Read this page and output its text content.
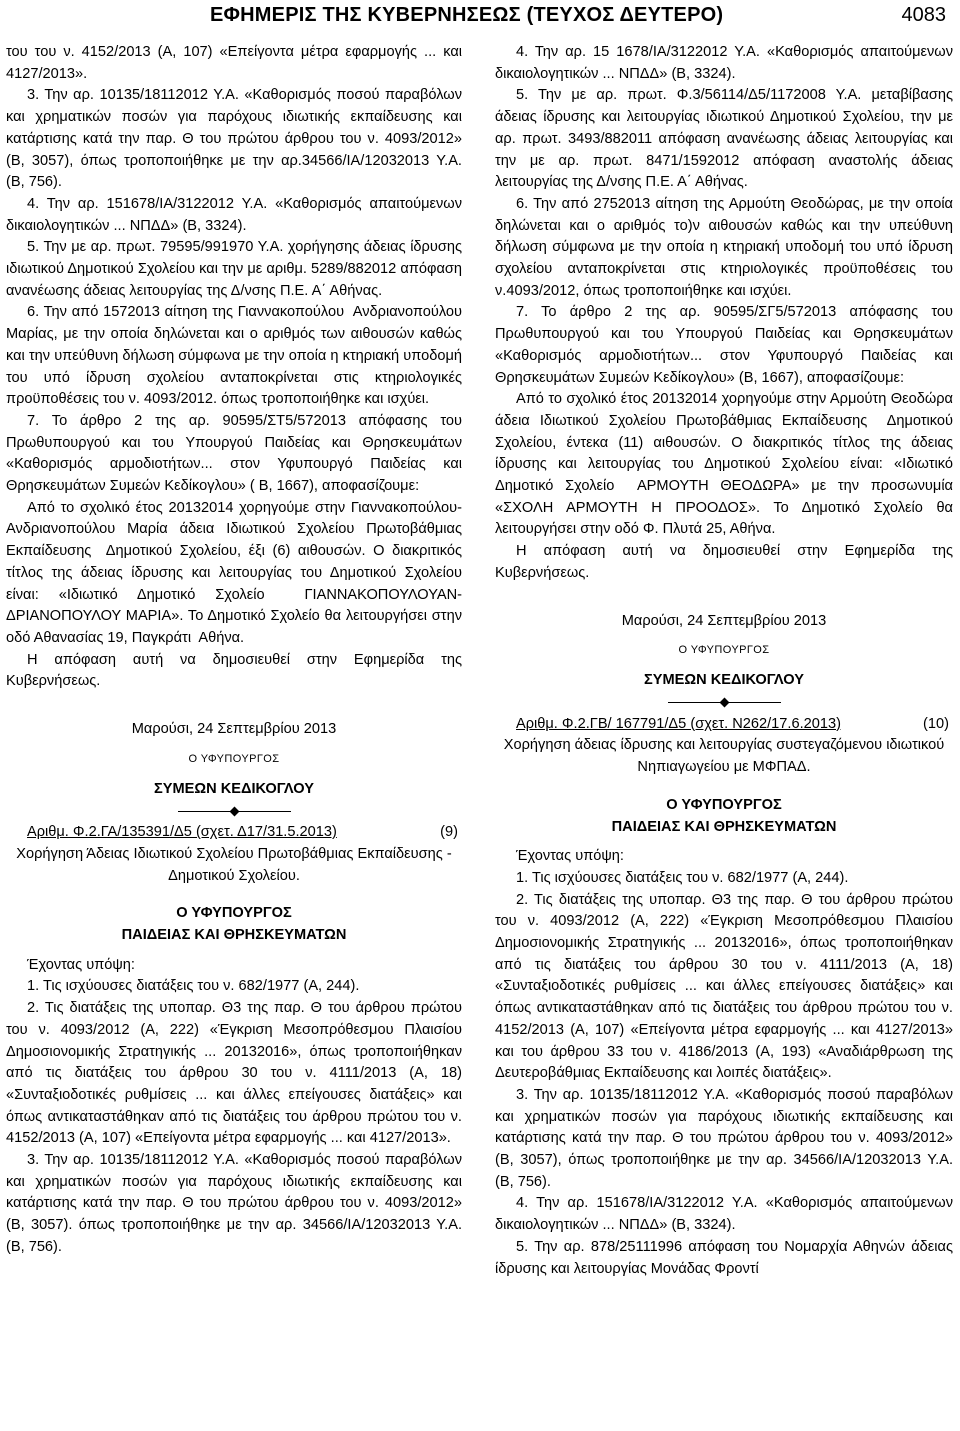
ΕΦΗΜΕΡΙΣ ΤΗΣ ΚΥΒΕΡΝΗΣΕΩΣ (ΤΕΥΧΟΣ ΔΕΥΤΕΡΟ)	4083

του του ν. 4152/2013 (Α, 107) «Επείγοντα μέτρα εφαρμογής ... και 4127/2013».

3. Την αρ. 10135/18112012 Υ.Α. «Καθορισμός ποσού παραβόλων και χρηματικών ποσών για παρόχους ιδιωτικής εκπαίδευσης και κατάρτισης κατά την παρ. Θ του πρώτου άρθρου του ν. 4093/2012» (Β, 3057), όπως τροποποιήθηκε με την αρ.34566/ΙΑ/12032013 Υ.Α. (Β, 756).

4. Την αρ. 151678/ΙΑ/3122012 Υ.Α. «Καθορισμός απαιτούμενων δικαιολογητικών ... ΝΠΔΔ» (Β, 3324).

5. Την με αρ. πρωτ. 79595/991970 Υ.Α. χορήγησης άδειας ίδρυσης ιδιωτικού Δημοτικού Σχολείου και την με αριθμ. 5289/882012 απόφαση ανανέωσης άδειας λειτουργίας της Δ/νσης Π.Ε. Α΄ Αθήνας.

6. Την από 1572013 αίτηση της Γιαννακοπούλου Ανδριανοπούλου Μαρίας, με την οποία δηλώνεται και ο αριθμός των αιθουσών καθώς και την υπεύθυνη δήλωση σύμφωνα με την οποία η κτηριακή υποδομή του υπό ίδρυση σχολείου ανταποκρίνεται στις κτηριολογικές προϋποθέσεις του ν. 4093/2012. όπως τροποποιήθηκε και ισχύει.

7. Το άρθρο 2 της αρ. 90595/ΣΤ5/572013 απόφασης του Πρωθυπουργού και του Υπουργού Παιδείας και Θρησκευμάτων «Καθορισμός αρμοδιοτήτων... στον Υφυπουργό Παιδείας και Θρησκευμάτων Συμεών Κεδίκογλου» ( Β, 1667), αποφασίζουμε:

Από το σχολικό έτος 20132014 χορηγούμε στην ΓιαννακοπούλουΑνδριανοπούλου Μαρία άδεια Ιδιωτικού Σχολείου Πρωτοβάθμιας Εκπαίδευσης Δημοτικού Σχολείου, έξι (6) αιθουσών. Ο διακριτικός τίτλος της άδειας ίδρυσης και λειτουργίας του Δημοτικού Σχολείου είναι: «Ιδιωτικό Δημοτικό Σχολείο ΓΙΑΝΝΑΚΟΠΟΥΛΟΥΑΝΔΡΙΑΝΟΠΟΥΛΟΥ ΜΑΡΙΑ». Το Δημοτικό Σχολείο θα λειτουργήσει στην οδό Αθανασίας 19, Παγκράτι Αθήνα.

Η απόφαση αυτή να δημοσιευθεί στην Εφημερίδα της Κυβερνήσεως.

Μαρούσι, 24 Σεπτεμβρίου 2013

Ο ΥΦΥΠΟΥΡΓΟΣ

ΣΥΜΕΩΝ ΚΕΔΙΚΟΓΛΟΥ

Αριθμ. Φ.2.ΓΑ/135391/Δ5 (σχετ. Δ17/31.5.2013)	(9)

Χορήγηση Άδειας Ιδιωτικού Σχολείου Πρωτοβάθμιας Εκπαίδευσης Δημοτικού Σχολείου.

Ο ΥΦΥΠΟΥΡΓΟΣ

ΠΑΙΔΕΙΑΣ ΚΑΙ ΘΡΗΣΚΕΥΜΑΤΩΝ

Έχοντας υπόψη:

1. Τις ισχύουσες διατάξεις του ν. 682/1977 (Α, 244).

2. Τις διατάξεις της υποπαρ. Θ3 της παρ. Θ του άρθρου πρώτου του ν. 4093/2012 (Α, 222) «Έγκριση Μεσοπρόθεσμου Πλαισίου Δημοσιονομικής Στρατηγικής ... 20132016», όπως τροποποιήθηκαν από τις διατάξεις του άρθρου 30 του ν. 4111/2013 (Α, 18) «Συνταξιοδοτικές ρυθμίσεις ... και άλλες επείγουσες διατάξεις» και όπως αντικαταστάθηκαν από τις διατάξεις του άρθρου πρώτου του ν. 4152/2013 (Α, 107) «Επείγοντα μέτρα εφαρμογής ... και 4127/2013».

3. Την αρ. 10135/18112012 Υ.Α. «Καθορισμός ποσού παραβόλων και χρηματικών ποσών για παρόχους ιδιωτικής εκπαίδευσης και κατάρτισης κατά την παρ. Θ του πρώτου άρθρου του ν. 4093/2012» (Β, 3057). όπως τροποποιήθηκε με την αρ. 34566/ΙΑ/12032013 Υ.Α. (Β, 756).

4. Την αρ. 15 1678/ΙΑ/3122012 Υ.Α. «Καθορισμός απαιτούμενων δικαιολογητικών ... ΝΠΔΔ» (Β, 3324).

5. Την με αρ. πρωτ. Φ.3/56114/Δ5/1172008 Υ.Α. μεταβίβασης άδειας ίδρυσης και λειτουργίας ιδιωτικού Δημοτικού Σχολείου, την με αρ. πρωτ. 3493/882011 απόφαση ανανέωσης άδειας λειτουργίας και την με αρ. πρωτ. 8471/1592012 απόφαση αναστολής άδειας λειτουργίας της Δ/νσης Π.Ε. Α΄ Αθήνας.

6. Την από 2752013 αίτηση της Αρμούτη Θεοδώρας, με την οποία δηλώνεται και ο αριθμός το)ν αιθουσών καθώς και την υπεύθυνη δήλωση σύμφωνα με την οποία η κτηριακή υποδομή του υπό ίδρυση σχολείου ανταποκρίνεται στις κτηριολογικές προϋποθέσεις του ν.4093/2012, όπως τροποποιήθηκε και ισχύει.

7. Το άρθρο 2 της αρ. 90595/ΣΓ5/572013 απόφασης του Πρωθυπουργού και του Υπουργού Παιδείας και Θρησκευμάτων «Καθορισμός αρμοδιοτήτων... στον Υφυπουργό Παιδείας και Θρησκευμάτων Συμεών Κεδίκογλου» (Β, 1667), αποφασίζουμε:

Από το σχολικό έτος 20132014 χορηγούμε στην Αρμούτη Θεοδώρα άδεια Ιδιωτικού Σχολείου Πρωτοβάθμιας Εκπαίδευσης Δημοτικού Σχολείου, έντεκα (11) αιθουσών. Ο διακριτικός τίτλος της άδειας ίδρυσης και λειτουργίας του Δημοτικού Σχολείου είναι: «Ιδιωτικό Δημοτικό Σχολείο ΑΡΜΟΥΤΗ ΘΕΟΔΩΡΑ» με την προσωνυμία «ΣΧΟΛΗ ΑΡΜΟΥΤΗ Η ΠΡΟΟΔΟΣ». Το Δημοτικό Σχολείο θα λειτουργήσει στην οδό Φ. Πλυτά 25, Αθήνα.

Η απόφαση αυτή να δημοσιευθεί στην Εφημερίδα της Κυβερνήσεως.

Μαρούσι, 24 Σεπτεμβρίου 2013

Ο ΥΦΥΠΟΥΡΓΟΣ

ΣΥΜΕΩΝ ΚΕΔΙΚΟΓΛΟΥ

Αριθμ. Φ.2.ΓΒ/ 167791/Δ5 (σχετ. Ν262/17.6.2013)	(10)

Χορήγηση άδειας ίδρυσης και λειτουργίας συστεγαζόμενου ιδιωτικού Νηπιαγωγείου με ΜΦΠΑΔ.

Ο ΥΦΥΠΟΥΡΓΟΣ

ΠΑΙΔΕΙΑΣ ΚΑΙ ΘΡΗΣΚΕΥΜΑΤΩΝ

Έχοντας υπόψη:

1. Τις ισχύουσες διατάξεις του ν. 682/1977 (Α, 244).

2. Τις διατάξεις της υποπαρ. Θ3 της παρ. Θ του άρθρου πρώτου του ν. 4093/2012 (Α, 222) «Έγκριση Μεσοπρόθεσμου Πλαισίου Δημοσιονομικής Στρατηγικής ... 20132016», όπως τροποποιήθηκαν από τις διατάξεις του άρθρου 30 του ν. 4111/2013 (Α, 18) «Συνταξιοδοτικές ρυθμίσεις ... και άλλες επείγουσες διατάξεις» και όπως αντικαταστάθηκαν από τις διατάξεις του άρθρου πρώτου του ν. 4152/2013 (Α, 107) «Επείγοντα μέτρα εφαρμογής ... και 4127/2013» και του άρθρου 33 του ν. 4186/2013 (Α, 193) «Αναδιάρθρωση της Δευτεροβάθμιας Εκπαίδευσης και λοιπές διατάξεις».

3. Την αρ. 10135/18112012 Υ.Α. «Καθορισμός ποσού παραβόλων και χρηματικών ποσών για παρόχους ιδιωτικής εκπαίδευσης και κατάρτισης κατά την παρ. Θ του πρώτου άρθρου του ν. 4093/2012» (Β, 3057), όπως τροποποιήθηκε με την αρ. 34566/ΙΑ/12032013 Υ.Α. (Β, 756).

4. Την αρ. 151678/ΙΑ/3122012 Υ.Α. «Καθορισμός απαιτούμενων δικαιολογητικών ... ΝΠΔΔ» (Β, 3324).

5. Την αρ. 878/25111996 απόφαση του Νομαρχία Αθηνών άδειας ίδρυσης και λειτουργίας Μονάδας Φροντί
